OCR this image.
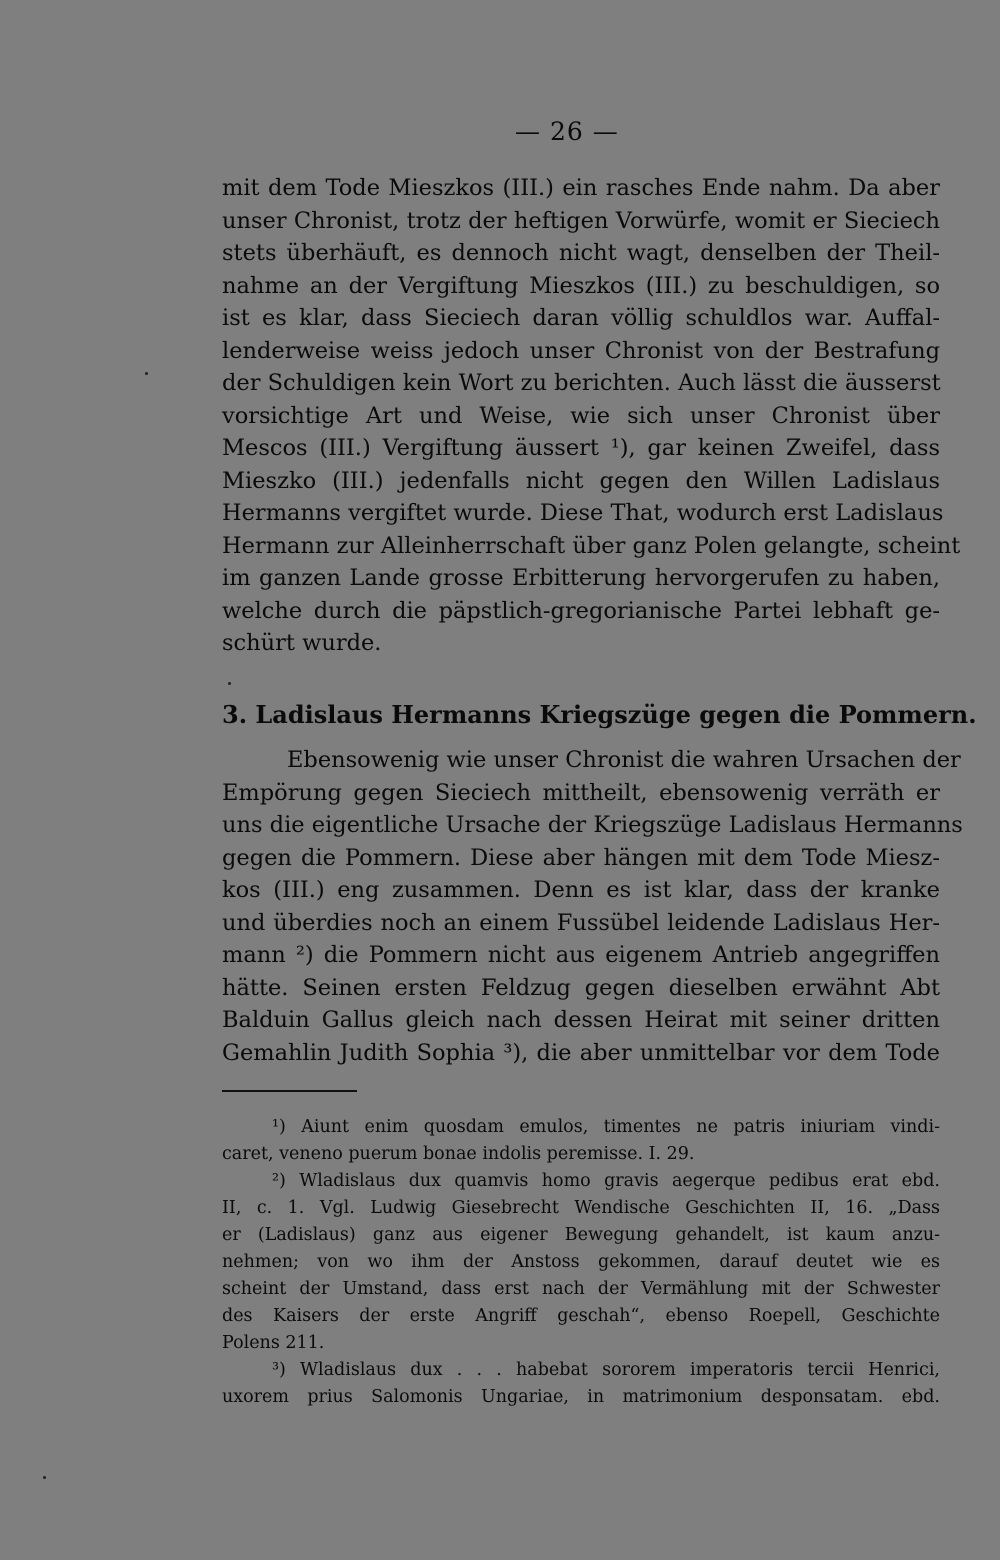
— 26 —
mit dem Tode Mieszkos (III.) ein rasches Ende nahm. Da aber
unser Chronist, trotz der heftigen Vorwürfe, womit er Sieciech
stets überhäuft, es dennoch nicht wagt, denselben der Theil-
nahme an der Vergiftung Mieszkos (III.) zu beschuldigen, so
ist es klar, dass Sieciech daran völlig schuldlos war. Auffal-
lenderweise weiss jedoch unser Chronist von der Bestrafung
der Schuldigen kein Wort zu berichten. Auch lässt die äusserst
vorsichtige Art und Weise, wie sich unser Chronist über
Mescos (III.) Vergiftung äussert ¹), gar keinen Zweifel, dass
Mieszko (III.) jedenfalls nicht gegen den Willen Ladislaus
Hermanns vergiftet wurde. Diese That, wodurch erst Ladislaus
Hermann zur Alleinherrschaft über ganz Polen gelangte, scheint
im ganzen Lande grosse Erbitterung hervorgerufen zu haben,
welche durch die päpstlich-gregorianische Partei lebhaft ge-
schürt wurde.
3. Ladislaus Hermanns Kriegszüge gegen die Pommern.
Ebensowenig wie unser Chronist die wahren Ursachen der
Empörung gegen Sieciech mittheilt, ebensowenig verräth er
uns die eigentliche Ursache der Kriegszüge Ladislaus Hermanns
gegen die Pommern. Diese aber hängen mit dem Tode Miesz-
kos (III.) eng zusammen. Denn es ist klar, dass der kranke
und überdies noch an einem Fussübel leidende Ladislaus Her-
mann ²) die Pommern nicht aus eigenem Antrieb angegriffen
hätte. Seinen ersten Feldzug gegen dieselben erwähnt Abt
Balduin Gallus gleich nach dessen Heirat mit seiner dritten
Gemahlin Judith Sophia ³), die aber unmittelbar vor dem Tode
¹) Aiunt enim quosdam emulos, timentes ne patris iniuriam vindi-
caret, veneno puerum bonae indolis peremisse. I. 29.
²) Wladislaus dux quamvis homo gravis aegerque pedibus erat ebd.
II, c. 1. Vgl. Ludwig Giesebrecht Wendische Geschichten II, 16. „Dass
er (Ladislaus) ganz aus eigener Bewegung gehandelt, ist kaum anzu-
nehmen; von wo ihm der Anstoss gekommen, darauf deutet wie es
scheint der Umstand, dass erst nach der Vermählung mit der Schwester
des Kaisers der erste Angriff geschah“, ebenso Roepell, Geschichte
Polens 211.
³) Wladislaus dux . . . habebat sororem imperatoris tercii Henrici,
uxorem prius Salomonis Ungariae, in matrimonium desponsatam. ebd.
